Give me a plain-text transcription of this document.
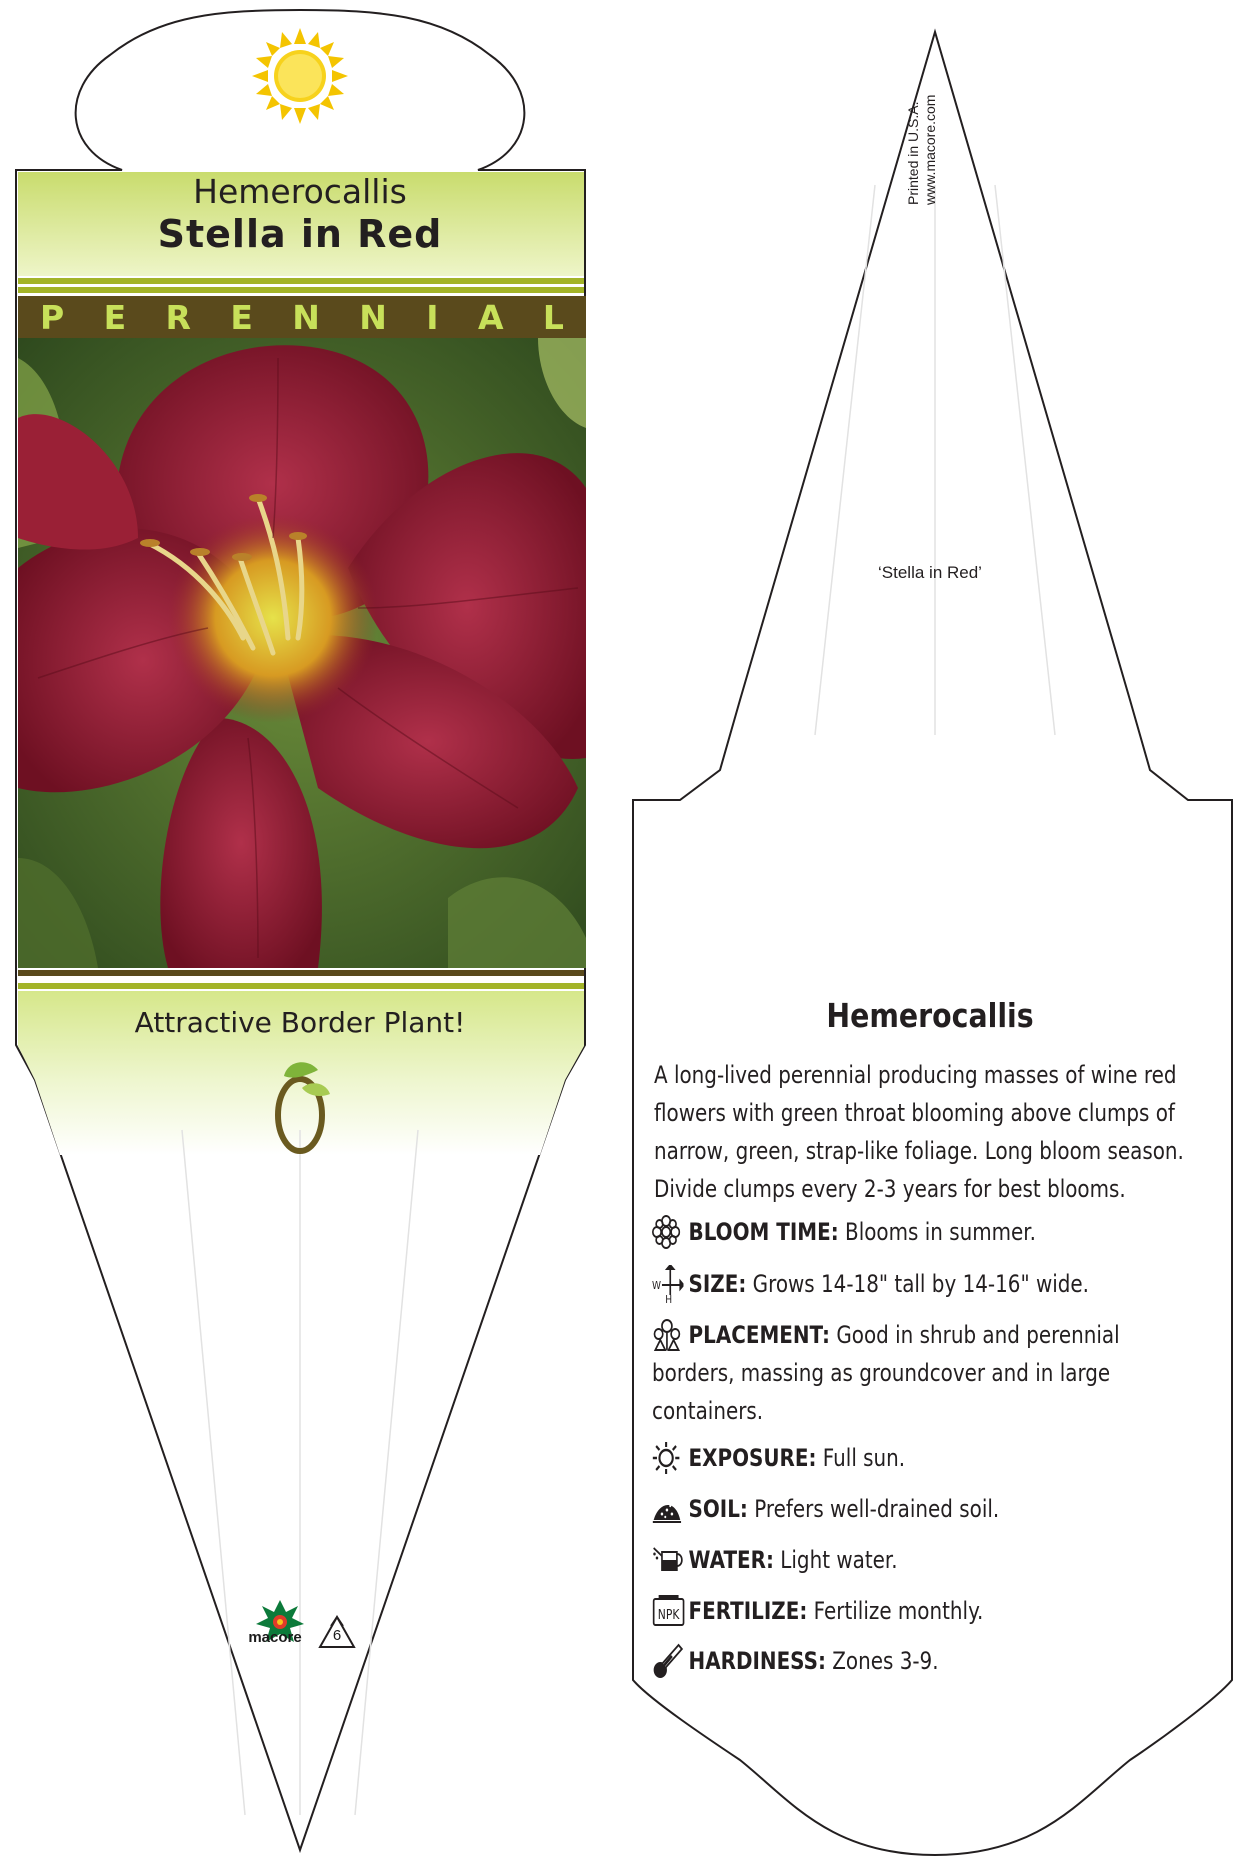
Hemerocallis
Stella in Red
P E R E N N I A L
Attractive Border Plant!
macore	6
Printed in U.S.A. www.macore.com
‘Stella in Red’
Hemerocallis
A long-lived perennial producing masses of wine red
flowers with green throat blooming above clumps of
narrow, green, strap-like foliage. Long bloom season.
Divide clumps every 2-3 years for best blooms.
BLOOM TIME: Blooms in summer.
W
H
SIZE: Grows 14-18" tall by 14-16" wide.
PLACEMENT: Good in shrub and perennial
borders, massing as groundcover and in large
containers.
EXPOSURE: Full sun.
SOIL: Prefers well-drained soil.
WATER: Light water.
NPK FERTILIZE: Fertilize monthly.
HARDINESS: Zones 3-9.
